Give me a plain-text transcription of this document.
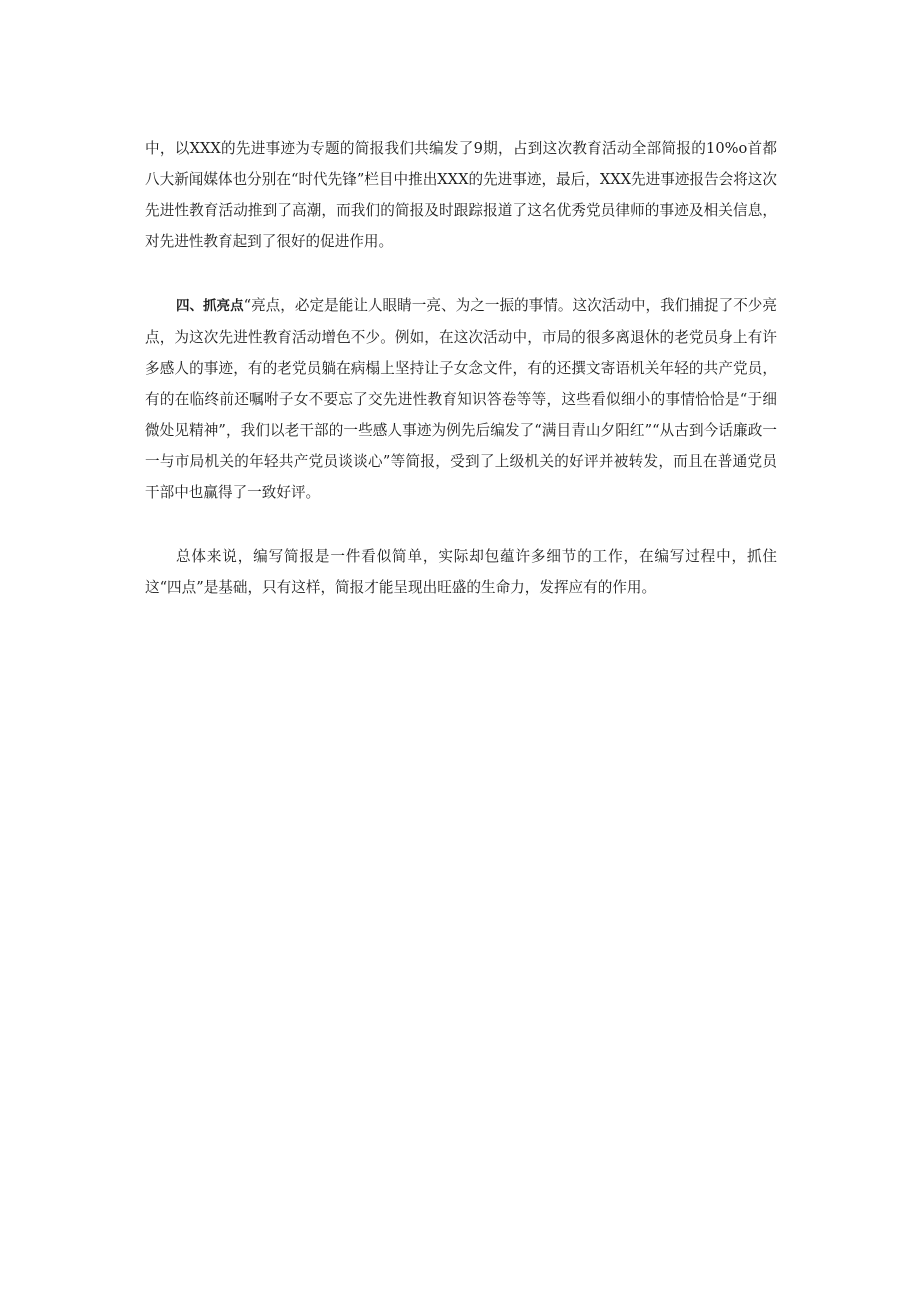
中，以XXX的先进事迹为专题的简报我们共编发了9期，占到这次教育活动全部简报的10%o首都八大新闻媒体也分别在“时代先锋”栏目中推出XXX的先进事迹，最后，XXX先进事迹报告会将这次先进性教育活动推到了高潮，而我们的简报及时跟踪报道了这名优秀党员律师的事迹及相关信息，对先进性教育起到了很好的促进作用。

四、抓亮点“亮点，必定是能让人眼睛一亮、为之一振的事情。这次活动中，我们捕捉了不少亮点，为这次先进性教育活动增色不少。例如，在这次活动中，市局的很多离退休的老党员身上有许多感人的事迹，有的老党员躺在病榻上坚持让子女念文件，有的还撰文寄语机关年轻的共产党员，有的在临终前还嘱咐子女不要忘了交先进性教育知识答卷等等，这些看似细小的事情恰恰是“于细微处见精神”，我们以老干部的一些感人事迹为例先后编发了“满目青山夕阳红”“从古到今话廉政一一与市局机关的年轻共产党员谈谈心”等简报，受到了上级机关的好评并被转发，而且在普通党员干部中也赢得了一致好评。

总体来说，编写简报是一件看似简单，实际却包蕴许多细节的工作，在编写过程中，抓住这“四点”是基础，只有这样，简报才能呈现出旺盛的生命力，发挥应有的作用。
